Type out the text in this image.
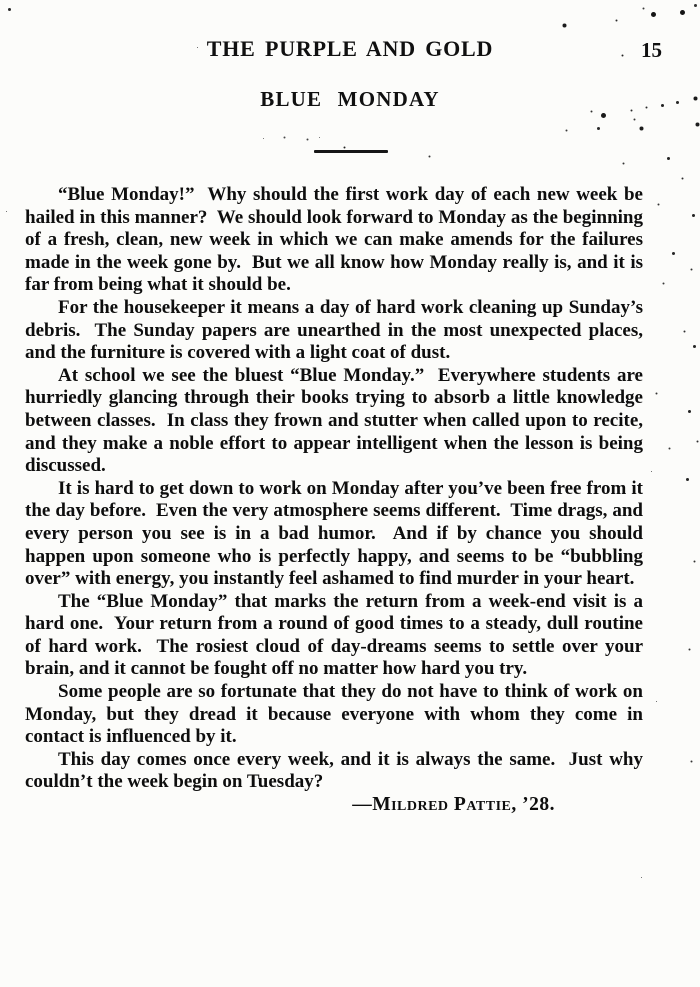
THE PURPLE AND GOLD	15
BLUE MONDAY

“Blue Monday!”  Why should the first work day of each new week be hailed in this manner?  We should look forward to Monday as the beginning of a fresh, clean, new week in which we can make amends for the failures made in the week gone by.  But we all know how Monday really is, and it is far from being what it should be.

For the housekeeper it means a day of hard work cleaning up Sunday’s debris.  The Sunday papers are unearthed in the most unexpected places, and the furniture is covered with a light coat of dust.

At school we see the bluest “Blue Monday.”  Everywhere students are hurriedly glancing through their books trying to absorb a little knowledge between classes.  In class they frown and stutter when called upon to recite, and they make a noble effort to appear intelligent when the lesson is being discussed.

It is hard to get down to work on Monday after you’ve been free from it the day before.  Even the very atmosphere seems different.  Time drags, and every person you see is in a bad humor.  And if by chance you should happen upon someone who is perfectly happy, and seems to be “bubbling over” with energy, you instantly feel ashamed to find murder in your heart.

The “Blue Monday” that marks the return from a week-end visit is a hard one.  Your return from a round of good times to a steady, dull routine of hard work.  The rosiest cloud of day-dreams seems to settle over your brain, and it cannot be fought off no matter how hard you try.

Some people are so fortunate that they do not have to think of work on Monday, but they dread it because everyone with whom they come in contact is influenced by it.

This day comes once every week, and it is always the same.  Just why couldn’t the week begin on Tuesday?

—Mildred Pattie, ’28.
